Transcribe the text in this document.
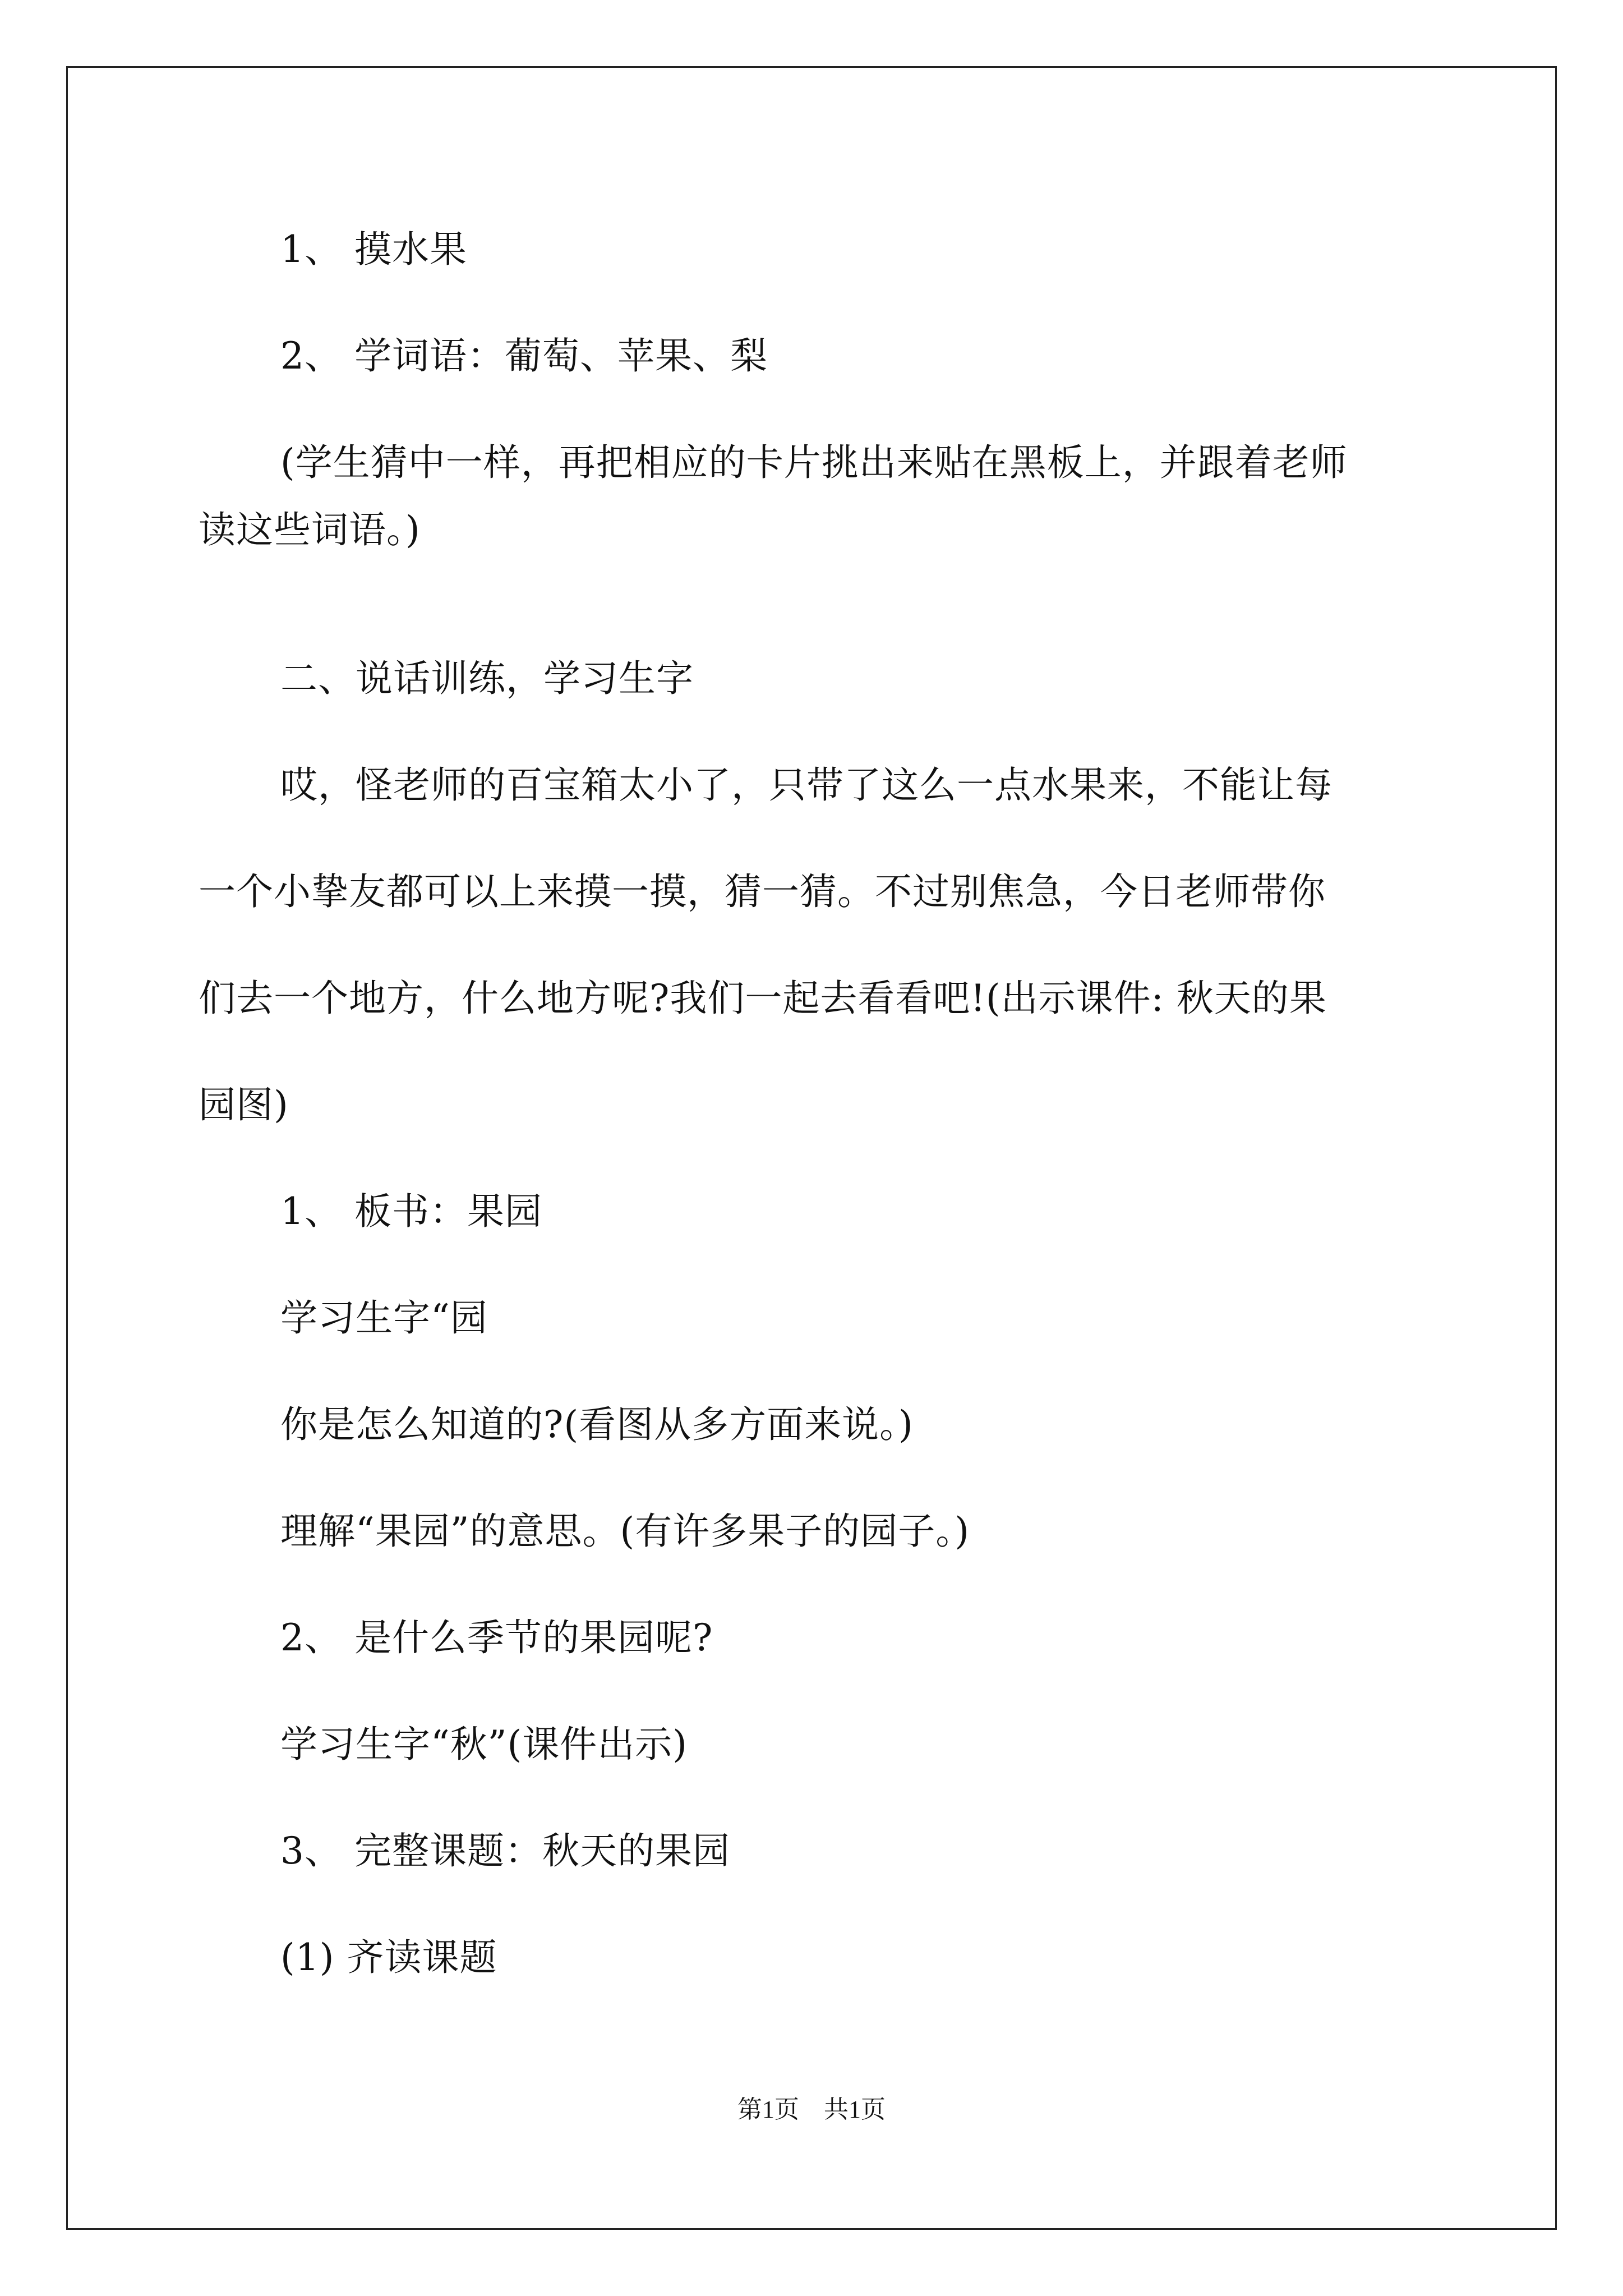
1、 摸水果
2、 学词语：葡萄、苹果、梨
(学生猜中一样，再把相应的卡片挑出来贴在黑板上，并跟着老师
读这些词语。)
二、说话训练，学习生字
哎，怪老师的百宝箱太小了，只带了这么一点水果来，不能让每
一个小挚友都可以上来摸一摸，猜一猜。不过别焦急，今日老师带你
们去一个地方，什么地方呢?我们一起去看看吧!(出示课件: 秋天的果
园图)
1、 板书：果园
学习生字“园
你是怎么知道的?(看图从多方面来说。)
理解“果园”的意思。(有许多果子的园子。)
2、 是什么季节的果园呢?
学习生字“秋”(课件出示)
3、 完整课题：秋天的果园
(1) 齐读课题
第1页　共1页
